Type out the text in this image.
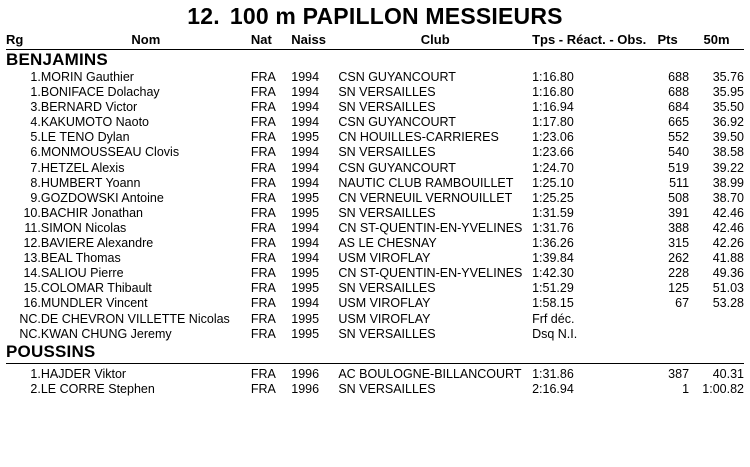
12. 100 m PAPILLON MESSIEURS
Rg	Nom	Nat	Naiss	Club	Tps - Réact. - Obs.	Pts	50m

BENJAMINS							
1.	MORIN Gauthier	FRA	1994	CSN GUYANCOURT	1:16.80	688	35.76
1.	BONIFACE Dolachay	FRA	1994	SN VERSAILLES	1:16.80	688	35.95
3.	BERNARD Victor	FRA	1994	SN VERSAILLES	1:16.94	684	35.50
4.	KAKUMOTO Naoto	FRA	1994	CSN GUYANCOURT	1:17.80	665	36.92
5.	LE TENO Dylan	FRA	1995	CN HOUILLES-CARRIERES	1:23.06	552	39.50
6.	MONMOUSSEAU Clovis	FRA	1994	SN VERSAILLES	1:23.66	540	38.58
7.	HETZEL Alexis	FRA	1994	CSN GUYANCOURT	1:24.70	519	39.22
8.	HUMBERT Yoann	FRA	1994	NAUTIC CLUB RAMBOUILLET	1:25.10	511	38.99
9.	GOZDOWSKI Antoine	FRA	1995	CN VERNEUIL VERNOUILLET	1:25.25	508	38.70
10.	BACHIR Jonathan	FRA	1995	SN VERSAILLES	1:31.59	391	42.46
11.	SIMON Nicolas	FRA	1994	CN ST-QUENTIN-EN-YVELINES	1:31.76	388	42.46
12.	BAVIERE Alexandre	FRA	1994	AS LE CHESNAY	1:36.26	315	42.26
13.	BEAL Thomas	FRA	1994	USM VIROFLAY	1:39.84	262	41.88
14.	SALIOU Pierre	FRA	1995	CN ST-QUENTIN-EN-YVELINES	1:42.30	228	49.36
15.	COLOMAR Thibault	FRA	1995	SN VERSAILLES	1:51.29	125	51.03
16.	MUNDLER Vincent	FRA	1994	USM VIROFLAY	1:58.15	67	53.28
NC.	DE CHEVRON VILLETTE Nicolas	FRA	1995	USM VIROFLAY	Frf déc.		
NC.	KWAN CHUNG Jeremy	FRA	1995	SN VERSAILLES	Dsq N.I.		
POUSSINS							

1.	HAJDER Viktor	FRA	1996	AC BOULOGNE-BILLANCOURT	1:31.86	387	40.31
2.	LE CORRE Stephen	FRA	1996	SN VERSAILLES	2:16.94	1	1:00.82
